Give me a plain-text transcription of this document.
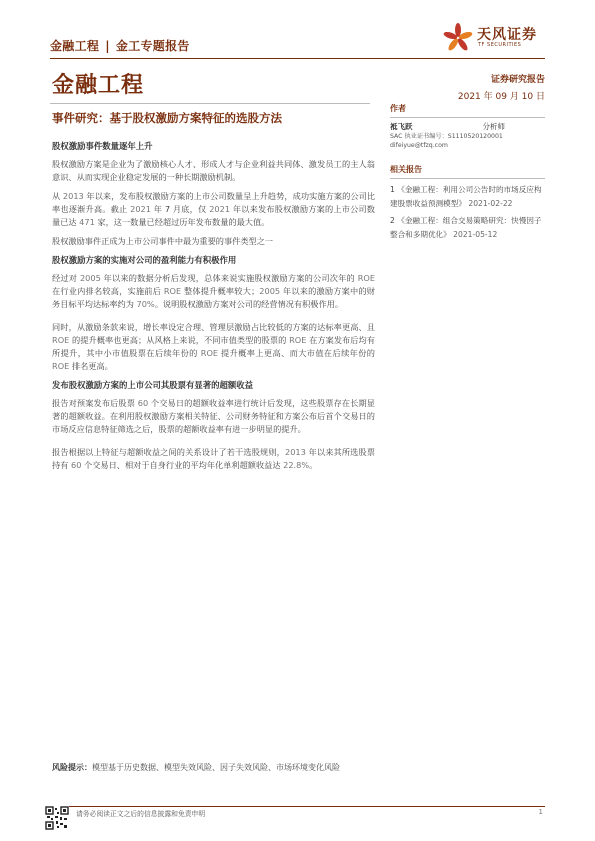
金融工程 | 金工专题报告
天风证券
TF SECURITIES
金融工程	证券研究报告
2021 年 09 月 10 日
事件研究：基于股权激励方案特征的选股方法
股权激励事件数量逐年上升

股权激励方案是企业为了激励核心人才、形成人才与企业利益共同体、激发员工的主人翁意识、从而实现企业稳定发展的一种长期激励机制。

从 2013 年以来，发布股权激励方案的上市公司数量呈上升趋势，成功实施方案的公司比率也逐渐升高。截止 2021 年 7 月底，仅 2021 年以来发布股权激励方案的上市公司数量已达 471 家，这一数量已经超过历年发布数量的最大值。

股权激励事件正成为上市公司事件中最为重要的事件类型之一

股权激励方案的实施对公司的盈利能力有积极作用

经过对 2005 年以来的数据分析后发现，总体来说实施股权激励方案的公司次年的 ROE 在行业内排名较高，实施前后 ROE 整体提升概率较大；2005 年以来的激励方案中的财务目标平均达标率约为 70%。说明股权激励方案对公司的经营情况有积极作用。

同时，从激励条款来说，增长率设定合理、管理层激励占比较低的方案的达标率更高、且 ROE 的提升概率也更高；从风格上来说，不同市值类型的股票的 ROE 在方案发布后均有所提升，其中小市值股票在后续年份的 ROE 提升概率上更高、而大市值在后续年份的 ROE 排名更高。

发布股权激励方案的上市公司其股票有显著的超额收益

报告对预案发布后股票 60 个交易日的超额收益率进行统计后发现，这些股票存在长期显著的超额收益。在利用股权激励方案相关特征、公司财务特征和方案公布后首个交易日的市场反应信息特征筛选之后，股票的超额收益率有进一步明显的提升。

报告根据以上特征与超额收益之间的关系设计了若干选股规则，2013 年以来其所选股票持有 60 个交易日、相对于自身行业的平均年化单利超额收益达 22.8%。

作者
袛飞跃	分析师
SAC 执业证书编号：S1110520120001
difeiyue@tfzq.com
相关报告
1 《金融工程：利用公司公告时的市场反应构建股票收益预测模型》 2021-02-22
2 《金融工程：组合交易策略研究：快慢因子整合和多期优化》 2021-05-12
风险提示：模型基于历史数据、模型失效风险、因子失效风险、市场环境变化风险
请务必阅读正文之后的信息披露和免责申明	1
